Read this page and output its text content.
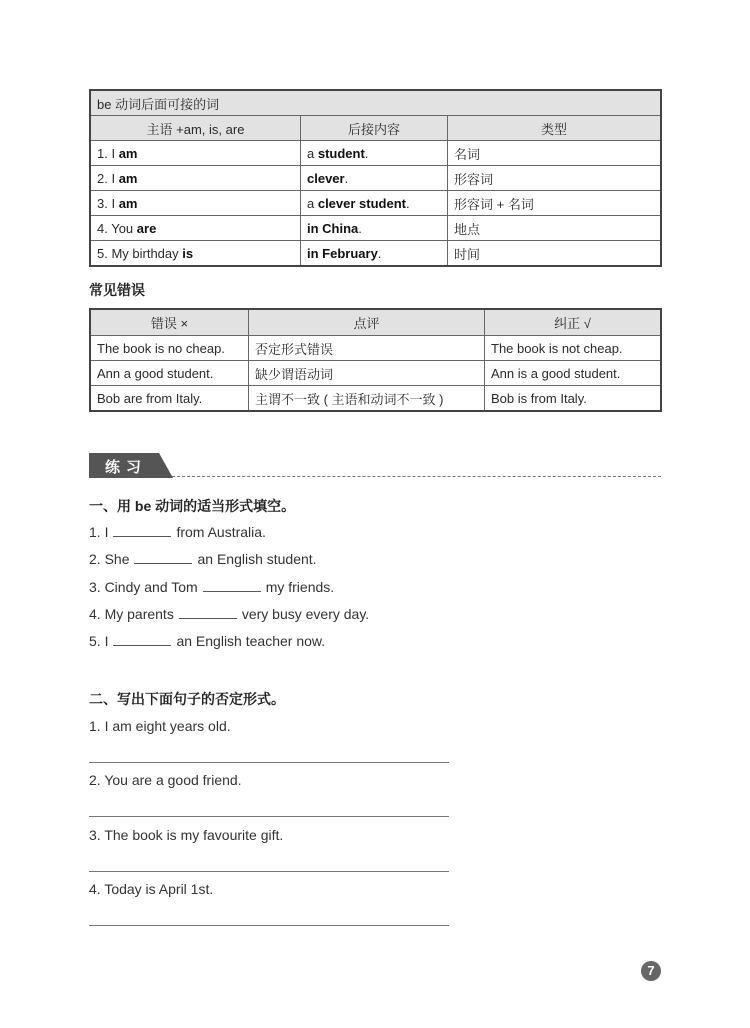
be 动词后面可接的词		
主语 +am, is, are	后接内容	类型
1. I am	a student.	名词
2. I am	clever.	形容词
3. I am	a clever student.	形容词 + 名词
4. You are	in China.	地点
5. My birthday is	in February.	时间
常见错误
错误 ×	点评	纠正 √
The book is no cheap.	否定形式错误	The book is not cheap.
Ann a good student.	缺少谓语动词	Ann is a good student.
Bob are from Italy.	主谓不一致 ( 主语和动词不一致 )	Bob is from Italy.
练习
一、用 be 动词的适当形式填空。
1. I	from Australia.
2. She	an English student.
3. Cindy and Tom	my friends.
4. My parents	very busy every day.
5. I	an English teacher now.
二、写出下面句子的否定形式。
1. I am eight years old.
2. You are a good friend.
3. The book is my favourite gift.
4. Today is April 1st.
7
